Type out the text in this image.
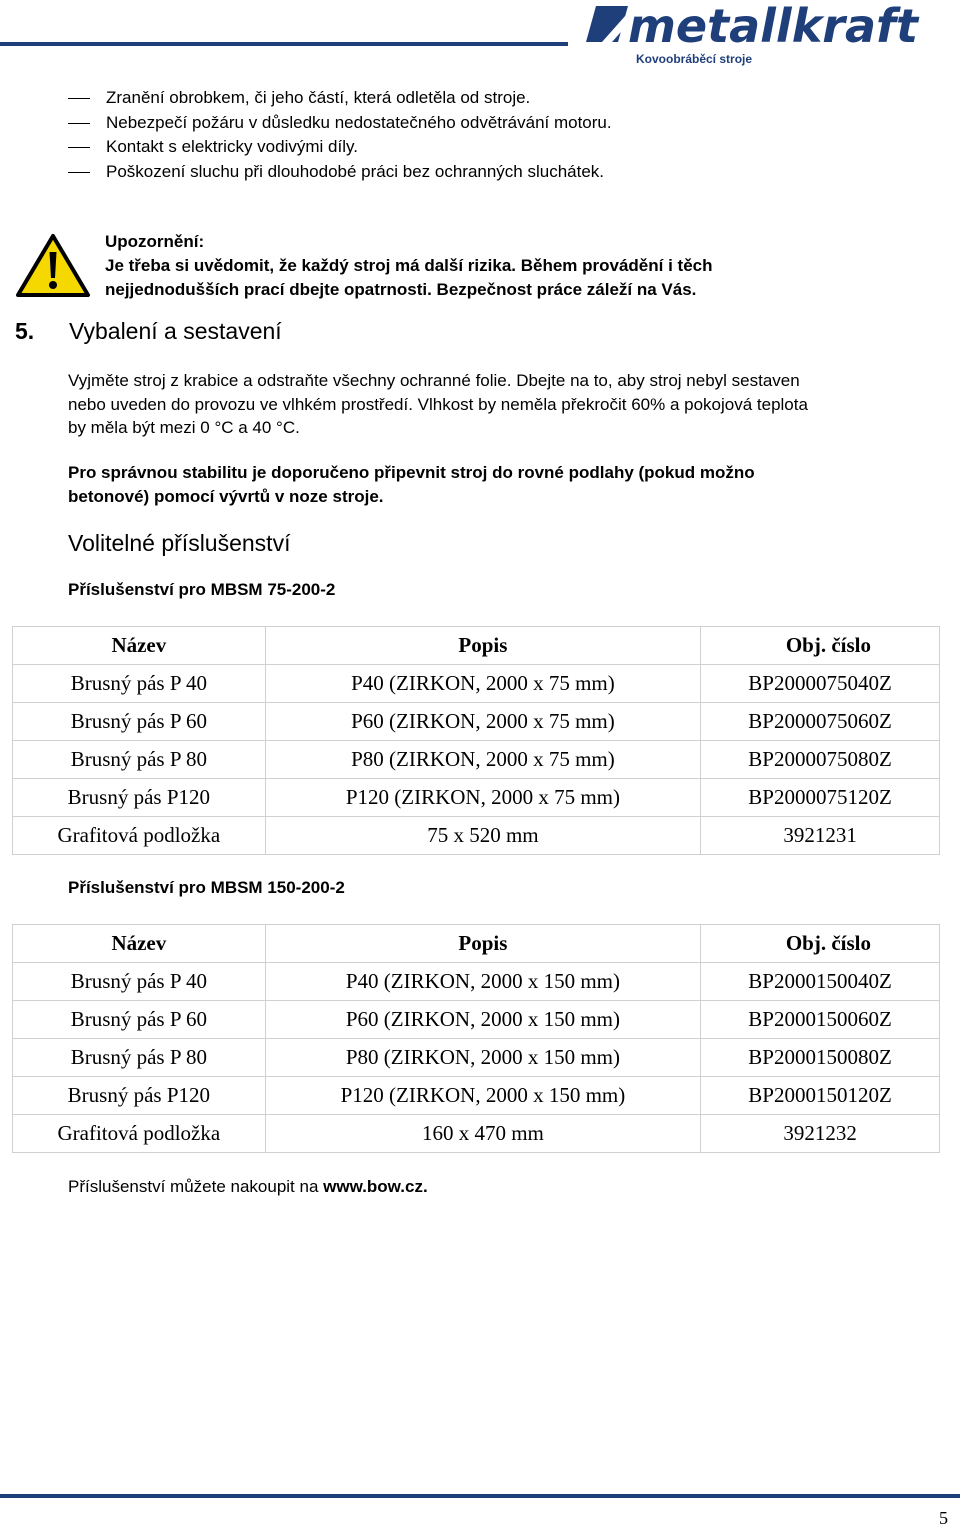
metallkraft
Kovoobráběcí stroje
Zranění obrobkem, či jeho částí, která odletěla od stroje.
Nebezpečí požáru v důsledku nedostatečného odvětrávání motoru.
Kontakt s elektricky vodivými díly.
Poškození sluchu při dlouhodobé práci bez ochranných sluchátek.
Upozornění:
Je třeba si uvědomit, že každý stroj má další rizika. Během provádění i těch
nejjednodušších prací dbejte opatrnosti. Bezpečnost práce záleží na Vás.
5. Vybalení a sestavení

Vyjměte stroj z krabice a odstraňte všechny ochranné folie. Dbejte na to, aby stroj nebyl sestaven
nebo uveden do provozu ve vlhkém prostředí. Vlhkost by neměla překročit 60% a pokojová teplota
by měla být mezi 0 °C a 40 °C.

Pro správnou stabilitu je doporučeno připevnit stroj do rovné podlahy (pokud možno
betonové) pomocí vývrtů v noze stroje.

Volitelné příslušenství
Příslušenství pro MBSM 75-200-2
Název	Popis	Obj. číslo
Brusný pás P 40	P40 (ZIRKON, 2000 x 75 mm)	BP2000075040Z
Brusný pás P 60	P60 (ZIRKON, 2000 x 75 mm)	BP2000075060Z
Brusný pás P 80	P80 (ZIRKON, 2000 x 75 mm)	BP2000075080Z
Brusný pás P120	P120 (ZIRKON, 2000 x 75 mm)	BP2000075120Z
Grafitová podložka	75 x 520 mm	3921231
Příslušenství pro MBSM 150-200-2
Název	Popis	Obj. číslo
Brusný pás P 40	P40 (ZIRKON, 2000 x 150 mm)	BP2000150040Z
Brusný pás P 60	P60 (ZIRKON, 2000 x 150 mm)	BP2000150060Z
Brusný pás P 80	P80 (ZIRKON, 2000 x 150 mm)	BP2000150080Z
Brusný pás P120	P120 (ZIRKON, 2000 x 150 mm)	BP2000150120Z
Grafitová podložka	160 x 470 mm	3921232

Příslušenství můžete nakoupit na www.bow.cz.

5
